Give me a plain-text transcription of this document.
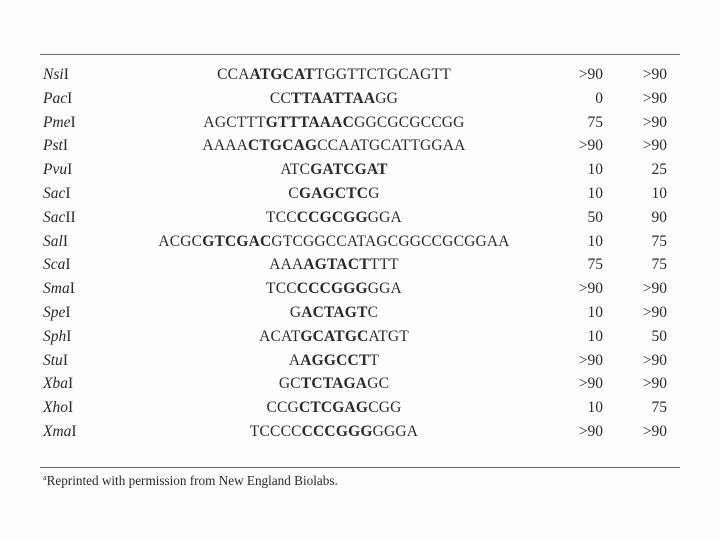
NsiI	CCAATGCATTGGTTCTGCAGTT	>90	>90
PacI	CCTTAATTAAGG	0	>90
PmeI	AGCTTTGTTTAAACGGCGCGCCGG	75	>90
PstI	AAAACTGCAGCCAATGCATTGGAA	>90	>90
PvuI	ATCGATCGAT	10	25
SacI	CGAGCTCG	10	10
SacII	TCCCCGCGGGGA	50	90
SalI	ACGCGTCGACGTCGGCCATAGCGGCCGCGGAA	10	75
ScaI	AAAAGTACTTTT	75	75
SmaI	TCCCCCGGGGGA	>90	>90
SpeI	GACTAGTC	10	>90
SphI	ACATGCATGCATGT	10	50
StuI	AAGGCCTT	>90	>90
XbaI	GCTCTAGAGC	>90	>90
XhoI	CCGCTCGAGCGG	10	75
XmaI	TCCCCCCCGGGGGGA	>90	>90
$^a$Reprinted with permission from New England Biolabs.
